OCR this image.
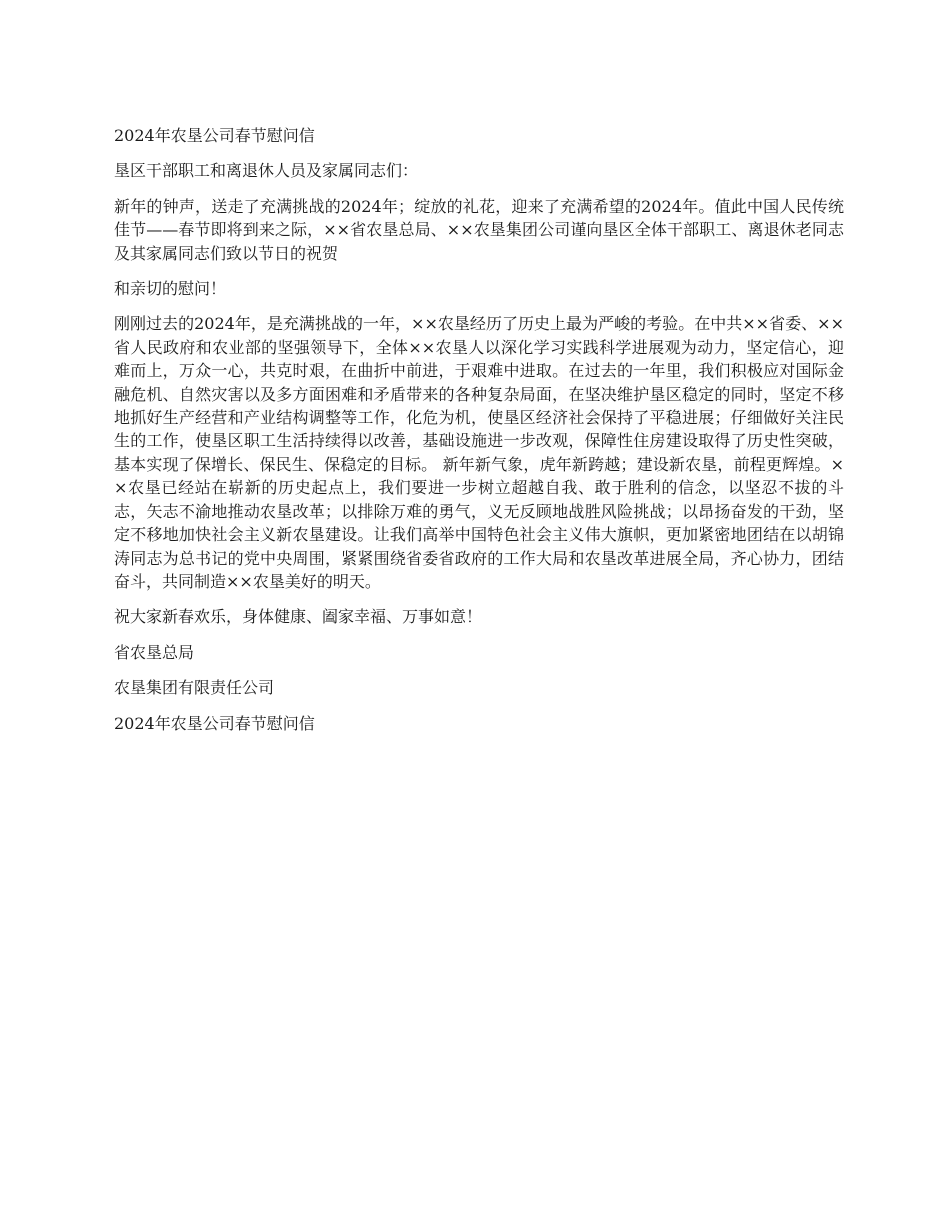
2024年农垦公司春节慰问信

垦区干部职工和离退休人员及家属同志们：

新年的钟声，送走了充满挑战的2024年；绽放的礼花，迎来了充满希望的2024年。值此中国人民传统佳节——春节即将到来之际，××省农垦总局、××农垦集团公司谨向垦区全体干部职工、离退休老同志及其家属同志们致以节日的祝贺

和亲切的慰问！

刚刚过去的2024年，是充满挑战的一年，××农垦经历了历史上最为严峻的考验。在中共××省委、××省人民政府和农业部的坚强领导下，全体××农垦人以深化学习实践科学进展观为动力，坚定信心，迎难而上，万众一心，共克时艰，在曲折中前进，于艰难中进取。在过去的一年里，我们积极应对国际金融危机、自然灾害以及多方面困难和矛盾带来的各种复杂局面，在坚决维护垦区稳定的同时，坚定不移地抓好生产经营和产业结构调整等工作，化危为机，使垦区经济社会保持了平稳进展；仔细做好关注民生的工作，使垦区职工生活持续得以改善，基础设施进一步改观，保障性住房建设取得了历史性突破，基本实现了保增长、保民生、保稳定的目标。 新年新气象，虎年新跨越；建设新农垦，前程更辉煌。××农垦已经站在崭新的历史起点上，我们要进一步树立超越自我、敢于胜利的信念，以坚忍不拔的斗志，矢志不渝地推动农垦改革；以排除万难的勇气，义无反顾地战胜风险挑战；以昂扬奋发的干劲，坚定不移地加快社会主义新农垦建设。让我们高举中国特色社会主义伟大旗帜，更加紧密地团结在以胡锦涛同志为总书记的党中央周围，紧紧围绕省委省政府的工作大局和农垦改革进展全局，齐心协力，团结奋斗，共同制造××农垦美好的明天。

祝大家新春欢乐，身体健康、阖家幸福、万事如意！

省农垦总局

农垦集团有限责任公司

2024年农垦公司春节慰问信
